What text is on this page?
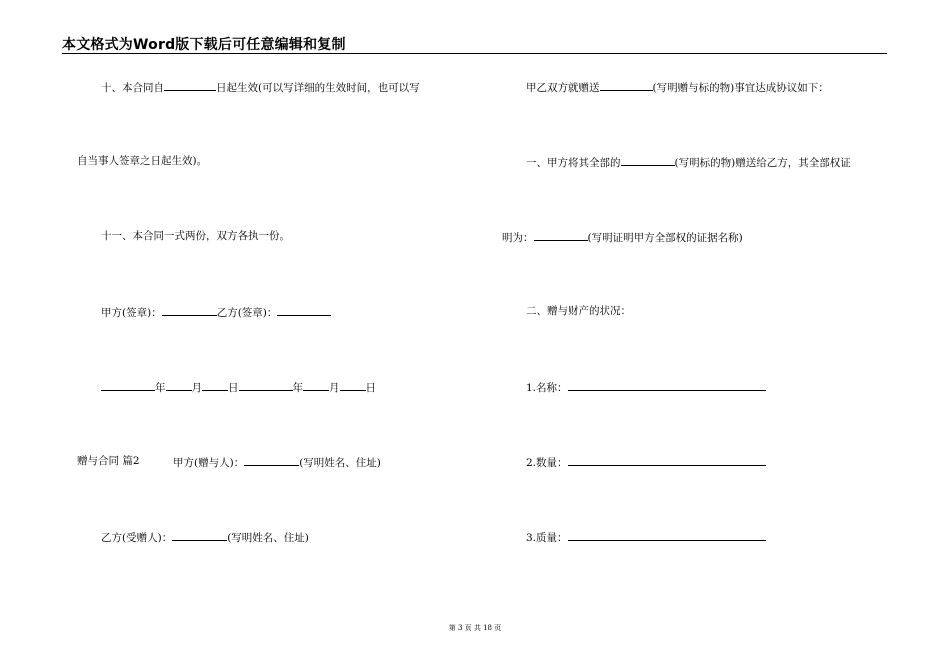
本文格式为Word版下载后可任意编辑和复制
十、本合同自	日起生效(可以写详细的生效时间，也可以写
自当事人签章之日起生效)。
十一、本合同一式两份，双方各执一份。
甲方(签章)：	乙方(签章)：
年 月 日	年 月 日
赠与合同 篇2	甲方(赠与人)：	(写明姓名、住址)
乙方(受赠人)：	(写明姓名、住址)
甲乙双方就赠送	(写明赠与标的物)事宜达成协议如下：
一、甲方将其全部的	(写明标的物)赠送给乙方，其全部权证
明为：	(写明证明甲方全部权的证据名称)
二、赠与财产的状况：
1.名称：
2.数量：
3.质量：
第 3 页 共 18 页
